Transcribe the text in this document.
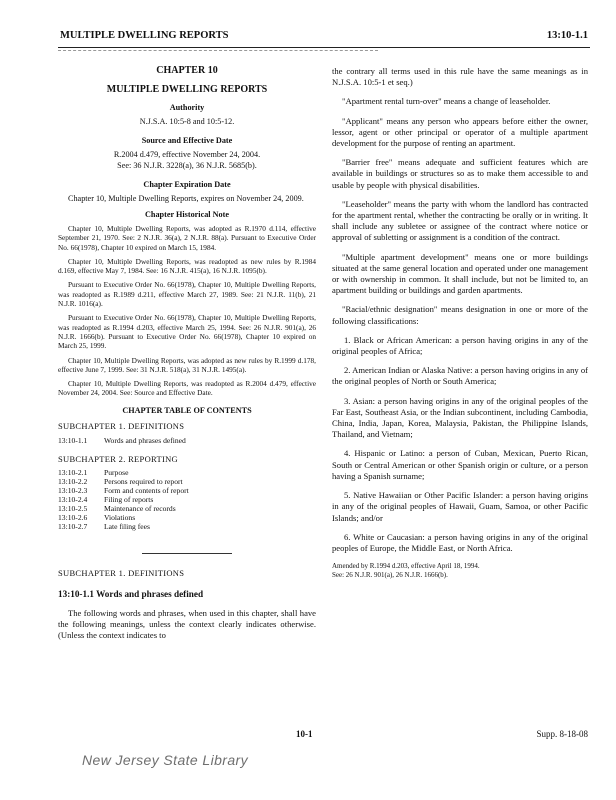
MULTIPLE DWELLING REPORTS	13:10-1.1
CHAPTER 10
MULTIPLE DWELLING REPORTS
Authority
N.J.S.A. 10:5-8 and 10:5-12.
Source and Effective Date
R.2004 d.479, effective November 24, 2004.
See: 36 N.J.R. 3228(a), 36 N.J.R. 5685(b).
Chapter Expiration Date

Chapter 10, Multiple Dwelling Reports, expires on November 24, 2009.

Chapter Historical Note

Chapter 10, Multiple Dwelling Reports, was adopted as R.1970 d.114, effective September 21, 1970. See: 2 N.J.R. 36(a), 2 N.J.R. 88(a). Pursuant to Executive Order No. 66(1978), Chapter 10 expired on March 15, 1984.

Chapter 10, Multiple Dwelling Reports, was readopted as new rules by R.1984 d.169, effective May 7, 1984. See: 16 N.J.R. 415(a), 16 N.J.R. 1095(b).

Pursuant to Executive Order No. 66(1978), Chapter 10, Multiple Dwelling Reports, was readopted as R.1989 d.211, effective March 27, 1989. See: 21 N.J.R. 11(b), 21 N.J.R. 1016(a).

Pursuant to Executive Order No. 66(1978), Chapter 10, Multiple Dwelling Reports, was readopted as R.1994 d.203, effective March 25, 1994. See: 26 N.J.R. 901(a), 26 N.J.R. 1666(b). Pursuant to Executive Order No. 66(1978), Chapter 10 expired on March 25, 1999.

Chapter 10, Multiple Dwelling Reports, was adopted as new rules by R.1999 d.178, effective June 7, 1999. See: 31 N.J.R. 518(a), 31 N.J.R. 1495(a).

Chapter 10, Multiple Dwelling Reports, was readopted as R.2004 d.479, effective November 24, 2004. See: Source and Effective Date.

CHAPTER TABLE OF CONTENTS
SUBCHAPTER 1. DEFINITIONS
13:10-1.1	Words and phrases defined
SUBCHAPTER 2. REPORTING
13:10-2.1	Purpose
13:10-2.2	Persons required to report
13:10-2.3	Form and contents of report
13:10-2.4	Filing of reports
13:10-2.5	Maintenance of records
13:10-2.6	Violations
13:10-2.7	Late filing fees
SUBCHAPTER 1. DEFINITIONS
13:10-1.1 Words and phrases defined

The following words and phrases, when used in this chapter, shall have the following meanings, unless the context clearly indicates otherwise. (Unless the context indicates to

the contrary all terms used in this rule have the same meanings as in N.J.S.A. 10:5-1 et seq.)

"Apartment rental turn-over" means a change of leaseholder.

"Applicant" means any person who appears before either the owner, lessor, agent or other principal or operator of a multiple apartment development for the purpose of renting an apartment.

"Barrier free" means adequate and sufficient features which are available in buildings or structures so as to make them accessible to and usable by people with physical disabilities.

"Leaseholder" means the party with whom the landlord has contracted for the apartment rental, whether the contracting be orally or in writing. It shall include any subletee or assignee of the contract where notice or approval of subletting or assignment is a condition of the contract.

"Multiple apartment development" means one or more buildings situated at the same general location and operated under one management or with ownership in common. It shall include, but not be limited to, an apartment building or buildings and garden apartments.

"Racial/ethnic designation" means designation in one or more of the following classifications:

1. Black or African American: a person having origins in any of the original peoples of Africa;

2. American Indian or Alaska Native: a person having origins in any of the original peoples of North or South America;

3. Asian: a person having origins in any of the original peoples of the Far East, Southeast Asia, or the Indian subcontinent, including Cambodia, China, India, Japan, Korea, Malaysia, Pakistan, the Philippine Islands, Thailand, and Vietnam;

4. Hispanic or Latino: a person of Cuban, Mexican, Puerto Rican, South or Central American or other Spanish origin or culture, or a person having a Spanish surname;

5. Native Hawaiian or Other Pacific Islander: a person having origins in any of the original peoples of Hawaii, Guam, Samoa, or other Pacific Islands; and/or

6. White or Caucasian: a person having origins in any of the original peoples of Europe, the Middle East, or North Africa.

Amended by R.1994 d.203, effective April 18, 1994.
See: 26 N.J.R. 901(a), 26 N.J.R. 1666(b).
10-1	Supp. 8-18-08
New Jersey State Library
